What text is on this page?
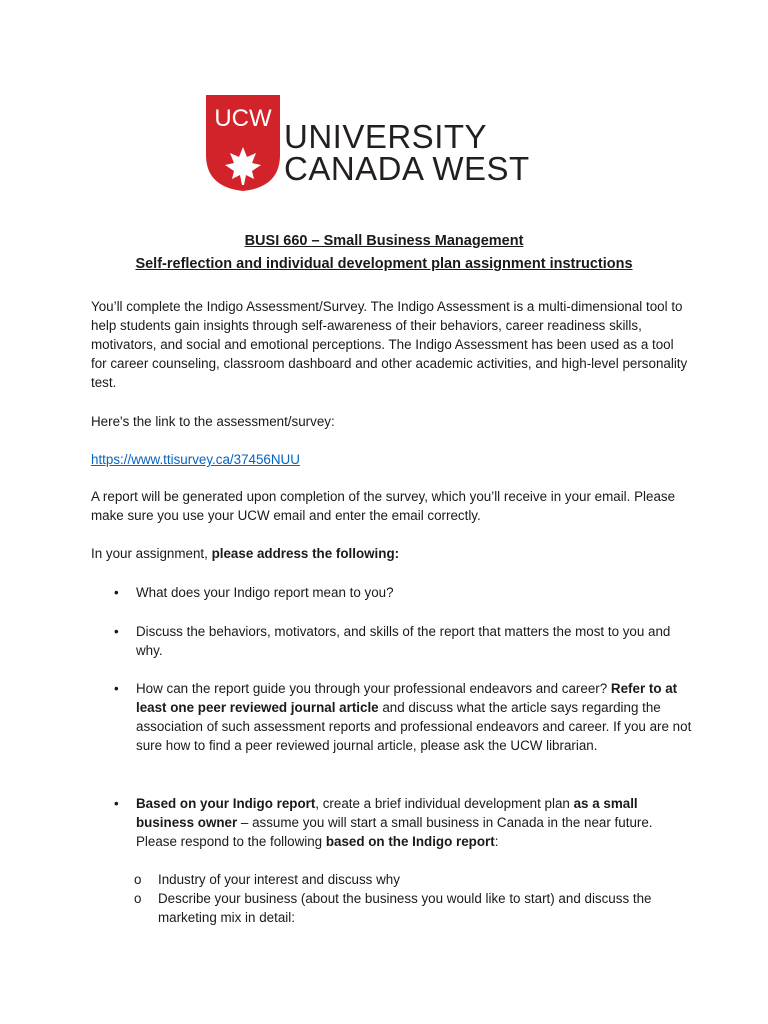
UCW UNIVERSITY
CANADA WEST
BUSI 660 – Small Business Management
Self-reflection and individual development plan assignment instructions
You’ll complete the Indigo Assessment/Survey. The Indigo Assessment is a multi-dimensional tool to help students gain insights through self-awareness of their behaviors, career readiness skills, motivators, and social and emotional perceptions. The Indigo Assessment has been used as a tool for career counseling, classroom dashboard and other academic activities, and high-level personality test.
Here's the link to the assessment/survey:
https://www.ttisurvey.ca/37456NUU
A report will be generated upon completion of the survey, which you’ll receive in your email. Please make sure you use your UCW email and enter the email correctly.
In your assignment, please address the following:
•	What does your Indigo report mean to you?
•	Discuss the behaviors, motivators, and skills of the report that matters the most to you and why.
•	How can the report guide you through your professional endeavors and career? Refer to at least one peer reviewed journal article and discuss what the article says regarding the association of such assessment reports and professional endeavors and career. If you are not sure how to find a peer reviewed journal article, please ask the UCW librarian.
•	Based on your Indigo report, create a brief individual development plan as a small business owner – assume you will start a small business in Canada in the near future. Please respond to the following based on the Indigo report:
o Industry of your interest and discuss why
o Describe your business (about the business you would like to start) and discuss the marketing mix in detail:
